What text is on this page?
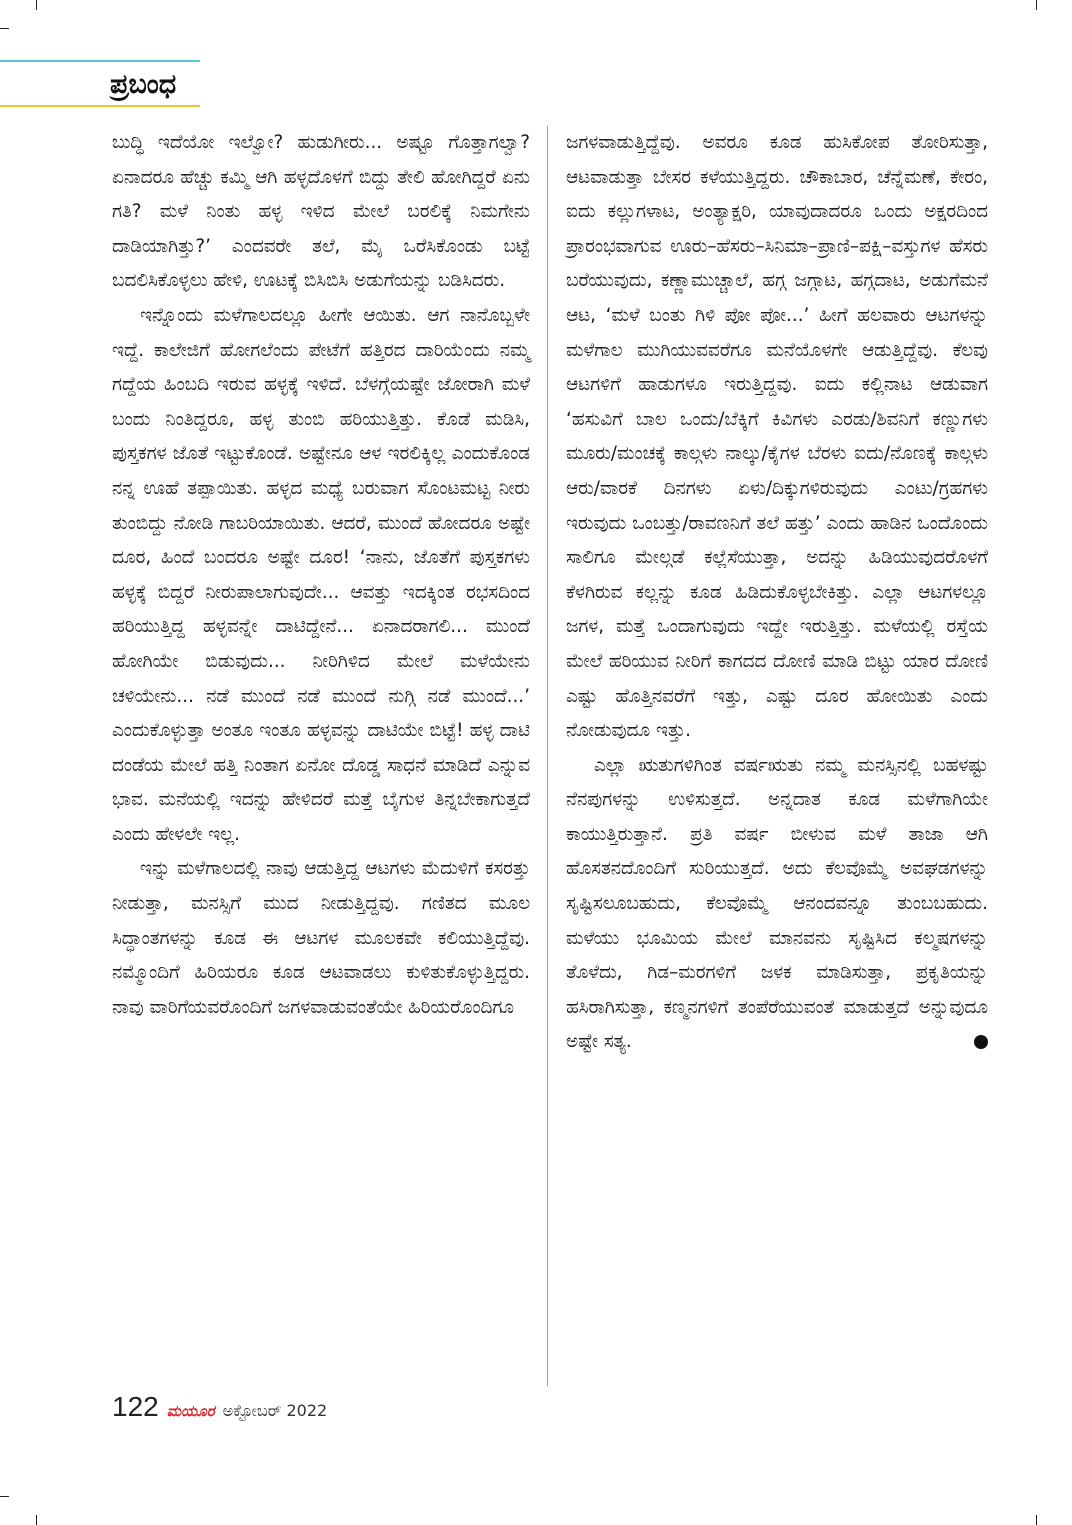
ಪ್ರಬಂಧ

ಬುದ್ಧಿ ಇದೆಯೋ ಇಲ್ವೋ? ಹುಡುಗೀರು... ಅಷ್ಟೂ ಗೊತ್ತಾಗಲ್ವಾ? ಏನಾದರೂ ಹೆಚ್ಚು ಕಮ್ಮಿ ಆಗಿ ಹಳ್ಳದೊಳಗೆ ಬಿದ್ದು ತೇಲಿ ಹೋಗಿದ್ದರೆ ಏನು ಗತಿ? ಮಳೆ ನಿಂತು ಹಳ್ಳ ಇಳಿದ ಮೇಲೆ ಬರಲಿಕ್ಕೆ ನಿಮಗೇನು ದಾಡಿಯಾಗಿತ್ತು?’ ಎಂದವರೇ ತಲೆ, ಮೈ ಒರೆಸಿಕೊಂಡು ಬಟ್ಟೆ ಬದಲಿಸಿಕೊಳ್ಳಲು ಹೇಳಿ, ಊಟಕ್ಕೆ ಬಿಸಿಬಿಸಿ ಅಡುಗೆಯನ್ನು ಬಡಿಸಿದರು.

ಇನ್ನೊಂದು ಮಳೆಗಾಲದಲ್ಲೂ ಹೀಗೇ ಆಯಿತು. ಆಗ ನಾನೊಬ್ಬಳೇ ಇದ್ದೆ. ಕಾಲೇಜಿಗೆ ಹೋಗಲೆಂದು ಪೇಟೆಗೆ ಹತ್ತಿರದ ದಾರಿಯೆಂದು ನಮ್ಮ ಗದ್ದೆಯ ಹಿಂಬದಿ ಇರುವ ಹಳ್ಳಕ್ಕೆ ಇಳಿದೆ. ಬೆಳಗ್ಗೆಯಷ್ಟೇ ಜೋರಾಗಿ ಮಳೆ ಬಂದು ನಿಂತಿದ್ದರೂ, ಹಳ್ಳ ತುಂಬಿ ಹರಿಯುತ್ತಿತ್ತು. ಕೊಡೆ ಮಡಿಸಿ, ಪುಸ್ತಕಗಳ ಜೊತೆ ಇಟ್ಟುಕೊಂಡೆ. ಅಷ್ಟೇನೂ ಆಳ ಇರಲಿಕ್ಕಿಲ್ಲ ಎಂದುಕೊಂಡ ನನ್ನ ಊಹೆ ತಪ್ಪಾಯಿತು. ಹಳ್ಳದ ಮಧ್ಯೆ ಬರುವಾಗ ಸೊಂಟಮಟ್ಟ ನೀರು ತುಂಬಿದ್ದು ನೋಡಿ ಗಾಬರಿಯಾಯಿತು. ಆದರೆ, ಮುಂದೆ ಹೋದರೂ ಅಷ್ಟೇ ದೂರ, ಹಿಂದೆ ಬಂದರೂ ಅಷ್ಟೇ ದೂರ! ‘ನಾನು, ಜೊತೆಗೆ ಪುಸ್ತಕಗಳು ಹಳ್ಳಕ್ಕೆ ಬಿದ್ದರೆ ನೀರುಪಾಲಾಗುವುದೇ... ಆವತ್ತು ಇದಕ್ಕಿಂತ ರಭಸದಿಂದ ಹರಿಯುತ್ತಿದ್ದ ಹಳ್ಳವನ್ನೇ ದಾಟಿದ್ದೇನೆ... ಏನಾದರಾಗಲಿ... ಮುಂದೆ ಹೋಗಿಯೇ ಬಿಡುವುದು... ನೀರಿಗಿಳಿದ ಮೇಲೆ ಮಳೆಯೇನು ಚಳಿಯೇನು... ನಡೆ ಮುಂದೆ ನಡೆ ಮುಂದೆ ನುಗ್ಗಿ ನಡೆ ಮುಂದೆ...’ ಎಂದುಕೊಳ್ಳುತ್ತಾ ಅಂತೂ ಇಂತೂ ಹಳ್ಳವನ್ನು ದಾಟಿಯೇ ಬಿಟ್ಟೆ! ಹಳ್ಳ ದಾಟಿ ದಂಡೆಯ ಮೇಲೆ ಹತ್ತಿ ನಿಂತಾಗ ಏನೋ ದೊಡ್ಡ ಸಾಧನೆ ಮಾಡಿದೆ ಎನ್ನುವ ಭಾವ. ಮನೆಯಲ್ಲಿ ಇದನ್ನು ಹೇಳಿದರೆ ಮತ್ತೆ ಬೈಗುಳ ತಿನ್ನಬೇಕಾಗುತ್ತದೆ ಎಂದು ಹೇಳಲೇ ಇಲ್ಲ.

ಇನ್ನು ಮಳೆಗಾಲದಲ್ಲಿ ನಾವು ಆಡುತ್ತಿದ್ದ ಆಟಗಳು ಮೆದುಳಿಗೆ ಕಸರತ್ತು ನೀಡುತ್ತಾ, ಮನಸ್ಸಿಗೆ ಮುದ ನೀಡುತ್ತಿದ್ದವು. ಗಣಿತದ ಮೂಲ ಸಿದ್ಧಾಂತಗಳನ್ನು ಕೂಡ ಈ ಆಟಗಳ ಮೂಲಕವೇ ಕಲಿಯುತ್ತಿದ್ದೆವು. ನಮ್ಮೊಂದಿಗೆ ಹಿರಿಯರೂ ಕೂಡ ಆಟವಾಡಲು ಕುಳಿತುಕೊಳ್ಳುತ್ತಿದ್ದರು. ನಾವು ವಾರಿಗೆಯವರೊಂದಿಗೆ ಜಗಳವಾಡುವಂತೆಯೇ ಹಿರಿಯರೊಂದಿಗೂ

ಜಗಳವಾಡುತ್ತಿದ್ದೆವು. ಅವರೂ ಕೂಡ ಹುಸಿಕೋಪ ತೋರಿಸುತ್ತಾ, ಆಟವಾಡುತ್ತಾ ಬೇಸರ ಕಳೆಯುತ್ತಿದ್ದರು. ಚೌಕಾಬಾರ, ಚೆನ್ನೆಮಣೆ, ಕೇರಂ, ಐದು ಕಲ್ಲುಗಳಾಟ, ಅಂತ್ಯಾಕ್ಷರಿ, ಯಾವುದಾದರೂ ಒಂದು ಅಕ್ಷರದಿಂದ ಪ್ರಾರಂಭವಾಗುವ ಊರು–ಹೆಸರು–ಸಿನಿಮಾ–ಪ್ರಾಣಿ–ಪಕ್ಷಿ–ವಸ್ತುಗಳ ಹೆಸರು ಬರೆಯುವುದು, ಕಣ್ಣಾಮುಚ್ಚಾಲೆ, ಹಗ್ಗ ಜಗ್ಗಾಟ, ಹಗ್ಗದಾಟ, ಅಡುಗೆಮನೆ ಆಟ, ‘ಮಳೆ ಬಂತು ಗಿಳಿ ಪೋ ಪೋ...’ ಹೀಗೆ ಹಲವಾರು ಆಟಗಳನ್ನು ಮಳೆಗಾಲ ಮುಗಿಯುವವರೆಗೂ ಮನೆಯೊಳಗೇ ಆಡುತ್ತಿದ್ದೆವು. ಕೆಲವು ಆಟಗಳಿಗೆ ಹಾಡುಗಳೂ ಇರುತ್ತಿದ್ದವು. ಐದು ಕಲ್ಲಿನಾಟ ಆಡುವಾಗ ‘ಹಸುವಿಗೆ ಬಾಲ ಒಂದು/ಬೆಕ್ಕಿಗೆ ಕಿವಿಗಳು ಎರಡು/ಶಿವನಿಗೆ ಕಣ್ಣುಗಳು ಮೂರು/ಮಂಚಕ್ಕೆ ಕಾಲ್ಗಳು ನಾಲ್ಕು/ಕೈಗಳ ಬೆರಳು ಐದು/ನೊಣಕ್ಕೆ ಕಾಲ್ಗಳು ಆರು/ವಾರಕೆ ದಿನಗಳು ಏಳು/ದಿಕ್ಕುಗಳಿರುವುದು ಎಂಟು/ಗ್ರಹಗಳು ಇರುವುದು ಒಂಬತ್ತು/ರಾವಣನಿಗೆ ತಲೆ ಹತ್ತು’ ಎಂದು ಹಾಡಿನ ಒಂದೊಂದು ಸಾಲಿಗೂ ಮೇಲ್ಗಡೆ ಕಲ್ಲೆಸೆಯುತ್ತಾ, ಅದನ್ನು ಹಿಡಿಯುವುದರೊಳಗೆ ಕೆಳಗಿರುವ ಕಲ್ಲನ್ನು ಕೂಡ ಹಿಡಿದುಕೊಳ್ಳಬೇಕಿತ್ತು. ಎಲ್ಲಾ ಆಟಗಳಲ್ಲೂ ಜಗಳ, ಮತ್ತೆ ಒಂದಾಗುವುದು ಇದ್ದೇ ಇರುತ್ತಿತ್ತು. ಮಳೆಯಲ್ಲಿ ರಸ್ತೆಯ ಮೇಲೆ ಹರಿಯುವ ನೀರಿಗೆ ಕಾಗದದ ದೋಣಿ ಮಾಡಿ ಬಿಟ್ಟು ಯಾರ ದೋಣಿ ಎಷ್ಟು ಹೊತ್ತಿನವರೆಗೆ ಇತ್ತು, ಎಷ್ಟು ದೂರ ಹೋಯಿತು ಎಂದು ನೋಡುವುದೂ ಇತ್ತು.

ಎಲ್ಲಾ ಋತುಗಳಿಗಿಂತ ವರ್ಷಋತು ನಮ್ಮ ಮನಸ್ಸಿನಲ್ಲಿ ಬಹಳಷ್ಟು ನೆನಪುಗಳನ್ನು ಉಳಿಸುತ್ತದೆ. ಅನ್ನದಾತ ಕೂಡ ಮಳೆಗಾಗಿಯೇ ಕಾಯುತ್ತಿರುತ್ತಾನೆ. ಪ್ರತಿ ವರ್ಷ ಬೀಳುವ ಮಳೆ ತಾಜಾ ಆಗಿ ಹೊಸತನದೊಂದಿಗೆ ಸುರಿಯುತ್ತದೆ. ಅದು ಕೆಲವೊಮ್ಮೆ ಅವಘಡಗಳನ್ನು ಸೃಷ್ಟಿಸಲೂಬಹುದು, ಕೆಲವೊಮ್ಮೆ ಆನಂದವನ್ನೂ ತುಂಬಬಹುದು. ಮಳೆಯು ಭೂಮಿಯ ಮೇಲೆ ಮಾನವನು ಸೃಷ್ಟಿಸಿದ ಕಲ್ಮಷಗಳನ್ನು ತೊಳೆದು, ಗಿಡ–ಮರಗಳಿಗೆ ಜಳಕ ಮಾಡಿಸುತ್ತಾ, ಪ್ರಕೃತಿಯನ್ನು ಹಸಿರಾಗಿಸುತ್ತಾ, ಕಣ್ಮನಗಳಿಗೆ ತಂಪೆರೆಯುವಂತೆ ಮಾಡುತ್ತದೆ ಅನ್ನುವುದೂ ಅಷ್ಟೇ ಸತ್ಯ.

122 ಮಯೂರ ಅಕ್ಟೋಬರ್ 2022
